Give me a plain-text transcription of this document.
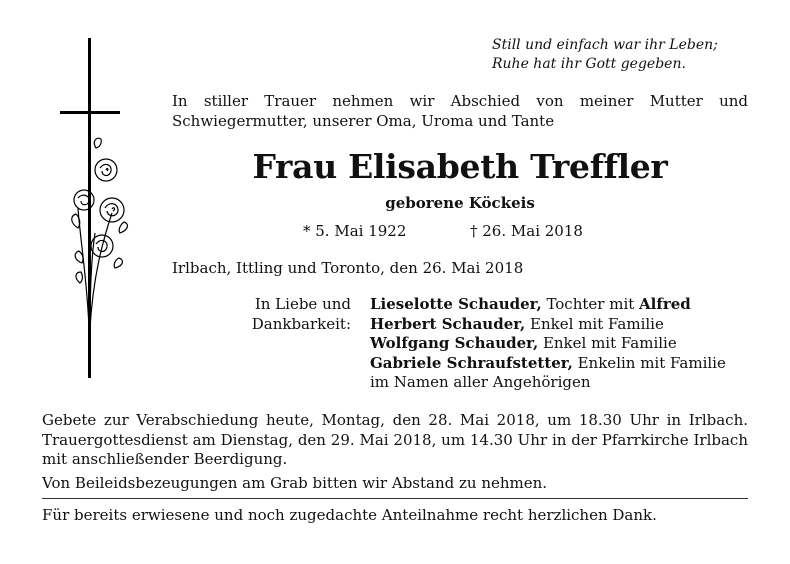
Still und einfach war ihr Leben;
Ruhe hat ihr Gott gegeben.
In stiller Trauer nehmen wir Abschied von meiner Mutter und Schwiegermutter, unserer Oma, Uroma und Tante
Frau Elisabeth Treffler
geborene Köckeis
* 5. Mai 1922	† 26. Mai 2018
Irlbach, Ittling und Toronto, den 26. Mai 2018
In Liebe und
Dankbarkeit:
Lieselotte Schauder, Tochter mit Alfred
Herbert Schauder, Enkel mit Familie
Wolfgang Schauder, Enkel mit Familie
Gabriele Schraufstetter, Enkelin mit Familie
im Namen aller Angehörigen
Gebete zur Verabschiedung heute, Montag, den 28. Mai 2018, um 18.30 Uhr in Irlbach. Trauergottesdienst am Dienstag, den 29. Mai 2018, um 14.30 Uhr in der Pfarrkirche Irlbach mit anschließender Beerdigung.
Von Beileidsbezeugungen am Grab bitten wir Abstand zu nehmen.
Für bereits erwiesene und noch zugedachte Anteilnahme recht herzlichen Dank.
